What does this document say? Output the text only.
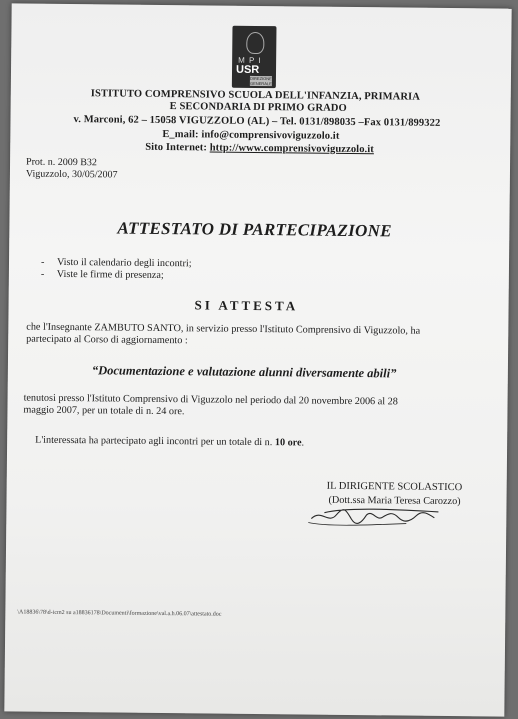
M P I
USR
DIREZIONE GENERALE
ISTITUTO COMPRENSIVO SCUOLA DELL'INFANZIA, PRIMARIA
E SECONDARIA DI PRIMO GRADO
v. Marconi, 62 – 15058 VIGUZZOLO (AL) – Tel. 0131/898035 –Fax 0131/899322
E_mail: info@comprensivoviguzzolo.it
Sito Internet: http://www.comprensivoviguzzolo.it
Prot. n. 2009 B32
Viguzzolo, 30/05/2007
ATTESTATO DI PARTECIPAZIONE
- Visto il calendario degli incontri;
- Viste le firme di presenza;
SI ATTESTA
che l'Insegnante ZAMBUTO SANTO, in servizio presso l'Istituto Comprensivo di Viguzzolo, ha
partecipato al Corso di aggiornamento :
“Documentazione e valutazione alunni diversamente abili”
tenutosi presso l'Istituto Comprensivo di Viguzzolo nel periodo dal 20 novembre 2006 al 28
maggio 2007, per un totale di n. 24 ore.
L'interessata ha partecipato agli incontri per un totale di n. 10 ore.
IL DIRIGENTE SCOLASTICO
(Dott.ssa Maria Teresa Carozzo)
\A18836\78\d-icm2 su a18836178\Documenti\formazione\val.a.h.06.07\attestato.doc
